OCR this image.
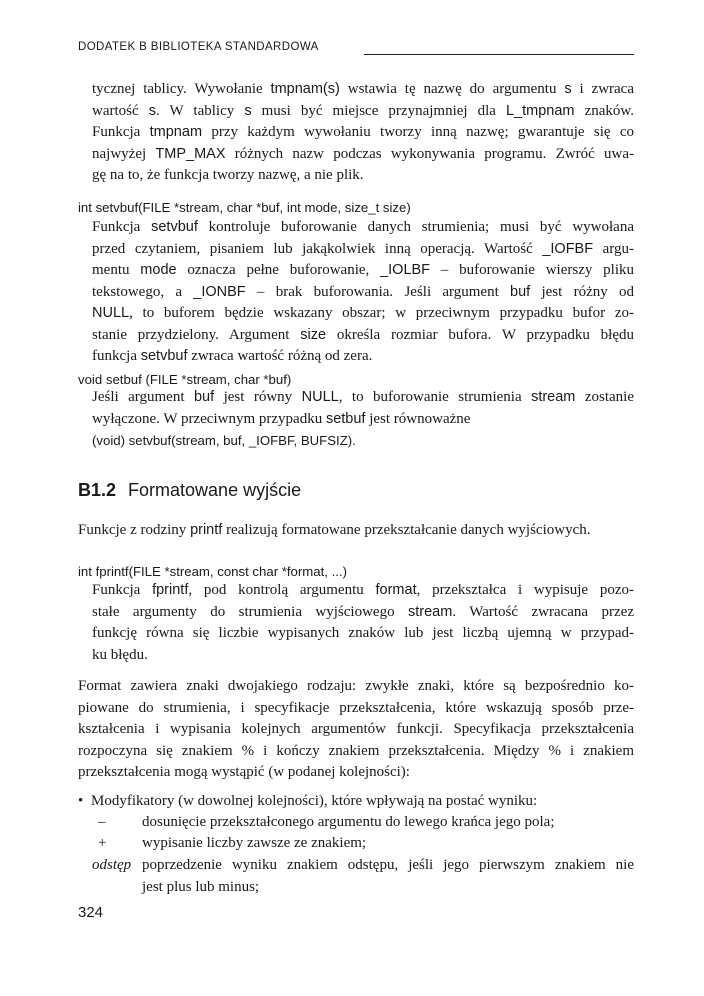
DODATEK B BIBLIOTEKA STANDARDOWA
tycznej tablicy. Wywołanie tmpnam(s) wstawia tę nazwę do argumentu s i zwraca
wartość s. W tablicy s musi być miejsce przynajmniej dla L_tmpnam znaków.
Funkcja tmpnam przy każdym wywołaniu tworzy inną nazwę; gwarantuje się co
najwyżej TMP_MAX różnych nazw podczas wykonywania programu. Zwróć uwa-
gę na to, że funkcja tworzy nazwę, a nie plik.
int setvbuf(FILE *stream, char *buf, int mode, size_t size)
Funkcja setvbuf kontroluje buforowanie danych strumienia; musi być wywołana
przed czytaniem, pisaniem lub jakąkolwiek inną operacją. Wartość _IOFBF argu-
mentu mode oznacza pełne buforowanie, _IOLBF – buforowanie wierszy pliku
tekstowego, a _IONBF – brak buforowania. Jeśli argument buf jest różny od
NULL, to buforem będzie wskazany obszar; w przeciwnym przypadku bufor zo-
stanie przydzielony. Argument size określa rozmiar bufora. W przypadku błędu
funkcja setvbuf zwraca wartość różną od zera.
void setbuf (FILE *stream, char *buf)
Jeśli argument buf jest równy NULL, to buforowanie strumienia stream zostanie
wyłączone. W przeciwnym przypadku setbuf jest równoważne
(void) setvbuf(stream, buf, _IOFBF, BUFSIZ).
B1.2 Formatowane wyjście
Funkcje z rodziny printf realizują formatowane przekształcanie danych wyjściowych.
int fprintf(FILE *stream, const char *format, ...)
Funkcja fprintf, pod kontrolą argumentu format, przekształca i wypisuje pozo-
stałe argumenty do strumienia wyjściowego stream. Wartość zwracana przez
funkcję równa się liczbie wypisanych znaków lub jest liczbą ujemną w przypad-
ku błędu.
Format zawiera znaki dwojakiego rodzaju: zwykłe znaki, które są bezpośrednio ko-
piowane do strumienia, i specyfikacje przekształcenia, które wskazują sposób prze-
kształcenia i wypisania kolejnych argumentów funkcji. Specyfikacja przekształcenia
rozpoczyna się znakiem % i kończy znakiem przekształcenia. Między % i znakiem
przekształcenia mogą wystąpić (w podanej kolejności):
• Modyfikatory (w dowolnej kolejności), które wpływają na postać wyniku:
–	dosunięcie przekształconego argumentu do lewego krańca jego pola;
+	wypisanie liczby zawsze ze znakiem;
odstęp poprzedzenie wyniku znakiem odstępu, jeśli jego pierwszym znakiem nie
jest plus lub minus;
324
